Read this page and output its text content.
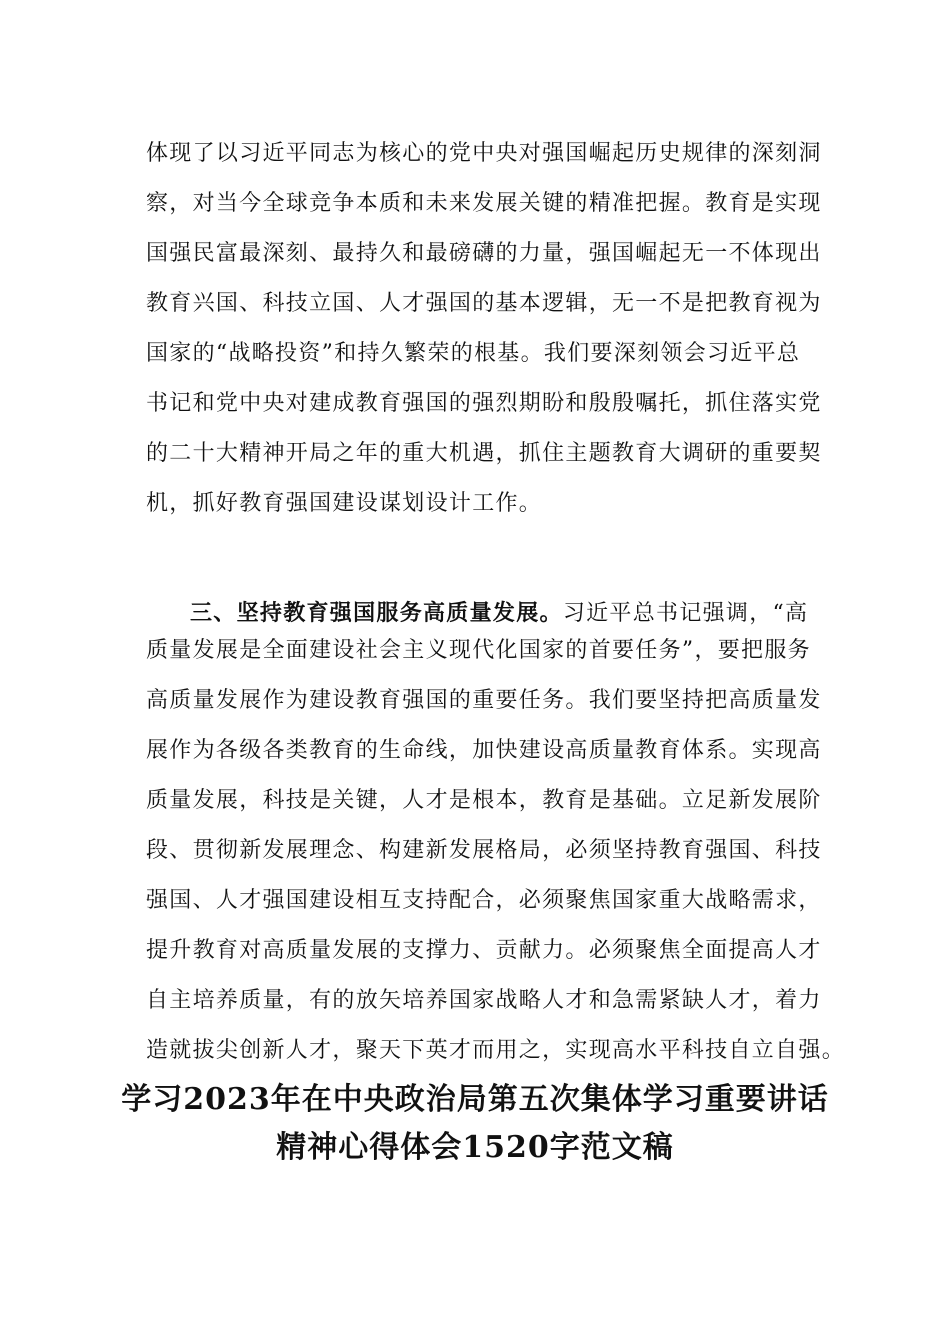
体现了以习近平同志为核心的党中央对强国崛起历史规律的深刻洞
察，对当今全球竞争本质和未来发展关键的精准把握。教育是实现
国强民富最深刻、最持久和最磅礴的力量，强国崛起无一不体现出
教育兴国、科技立国、人才强国的基本逻辑，无一不是把教育视为
国家的“战略投资”和持久繁荣的根基。我们要深刻领会习近平总
书记和党中央对建成教育强国的强烈期盼和殷殷嘱托，抓住落实党
的二十大精神开局之年的重大机遇，抓住主题教育大调研的重要契
机，抓好教育强国建设谋划设计工作。
三、坚持教育强国服务高质量发展。习近平总书记强调，“高
质量发展是全面建设社会主义现代化国家的首要任务”，要把服务
高质量发展作为建设教育强国的重要任务。我们要坚持把高质量发
展作为各级各类教育的生命线，加快建设高质量教育体系。实现高
质量发展，科技是关键，人才是根本，教育是基础。立足新发展阶
段、贯彻新发展理念、构建新发展格局，必须坚持教育强国、科技
强国、人才强国建设相互支持配合，必须聚焦国家重大战略需求，
提升教育对高质量发展的支撑力、贡献力。必须聚焦全面提高人才
自主培养质量，有的放矢培养国家战略人才和急需紧缺人才，着力
造就拔尖创新人才，聚天下英才而用之，实现高水平科技自立自强。
学习2023年在中央政治局第五次集体学习重要讲话
精神心得体会1520字范文稿
